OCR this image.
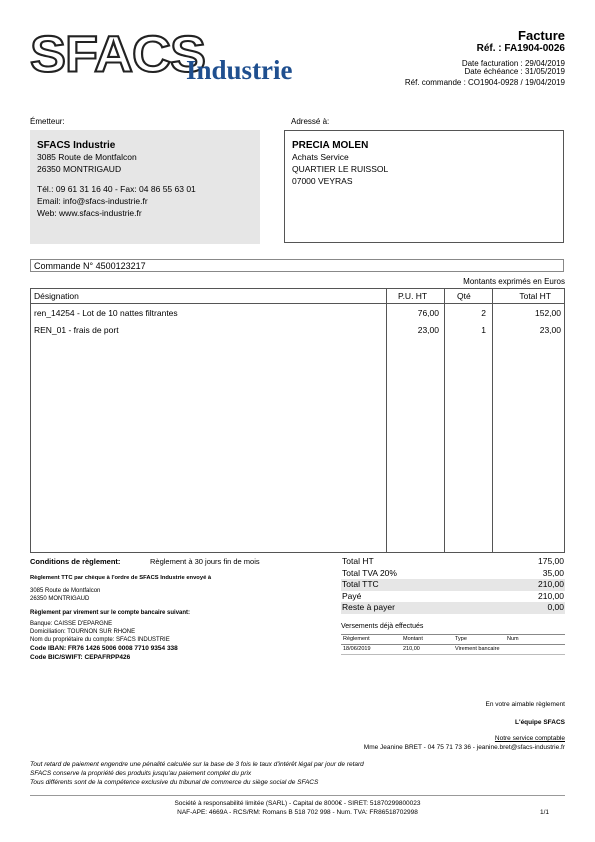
SFACS
Industrie
Facture
Réf. : FA1904-0026
Date facturation : 29/04/2019
Date échéance : 31/05/2019
Réf. commande : CO1904-0928 / 19/04/2019
Émetteur:
SFACS Industrie
3085 Route de Montfalcon
26350 MONTRIGAUD
Tél.: 09 61 31 16 40 - Fax: 04 86 55 63 01
Email: info@sfacs-industrie.fr
Web: www.sfacs-industrie.fr
Adressé à:
PRECIA MOLEN
Achats Service
QUARTIER LE RUISSOL
07000 VEYRAS
Commande N° 4500123217
Montants exprimés en Euros
Désignation	P.U. HT	Qté	Total HT
ren_14254 - Lot de 10 nattes filtrantes	76,00	2	152,00
REN_01 - frais de port	23,00	1	23,00
Conditions de règlement:	Règlement à 30 jours fin de mois
Règlement TTC par chèque à l'ordre de SFACS Industrie envoyé à
3085 Route de Montfalcon
26350 MONTRIGAUD
Règlement par virement sur le compte bancaire suivant:
Banque: CAISSE D'EPARGNE
Domiciliation: TOURNON SUR RHONE
Nom du propriétaire du compte: SFACS INDUSTRIE
Code IBAN: FR76 1426 5006 0008 7710 9354 338
Code BIC/SWIFT: CEPAFRPP426
Total HT	175,00
Total TVA 20%	35,00
Total TTC	210,00
Payé	210,00
Reste à payer	0,00
Versements déjà effectués
Règlement	Montant	Type	Num
18/06/2019	210,00	Virement bancaire
En votre aimable règlement
L'équipe SFACS
Notre service comptable
Mme Jeanine BRET - 04 75 71 73 36 - jeanine.bret@sfacs-industrie.fr
Tout retard de paiement engendre une pénalité calculée sur la base de 3 fois le taux d'intérêt légal par jour de retard
SFACS conserve la propriété des produits jusqu'au paiement complet du prix
Tous différents sont de la compétence exclusive du tribunal de commerce du siège social de SFACS
Société à responsabilité limitée (SARL) - Capital de 8000€ - SIRET: 51870299800023
NAF-APE: 4669A - RCS/RM: Romans B 518 702 998 - Num. TVA: FR86518702998	1/1
